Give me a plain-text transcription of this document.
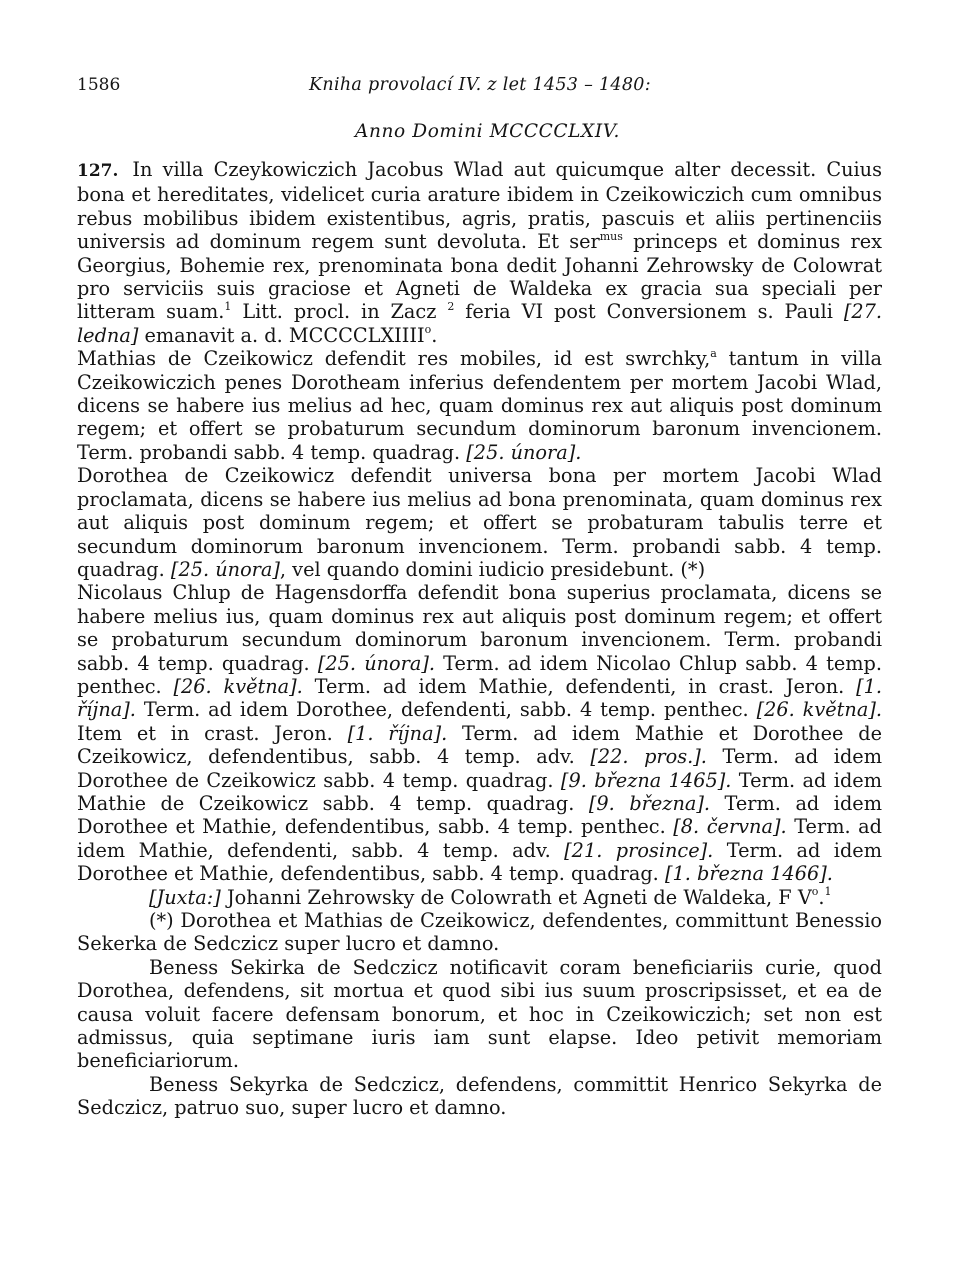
1586	Kniha provolací IV. z let 1453 – 1480:
Anno Domini MCCCCLXIV.

127. In villa Czeykowiczich Jacobus Wlad aut quicumque alter decessit. Cuius bona et hereditates, videlicet curia arature ibidem in Czeikowiczich cum omnibus rebus mobilibus ibidem existentibus, agris, pratis, pascuis et aliis pertinenciis universis ad dominum regem sunt devoluta. Et ser$^{mus}$ princeps et dominus rex Georgius, Bohemie rex, prenominata bona dedit Johanni Zehrowsky de Colowrat pro serviciis suis graciose et Agneti de Waldeka ex gracia sua speciali per litteram suam.$^1$ Litt. procl. in Zacz $^2$ feria VI post Conversionem s. Pauli [27. ledna] emanavit a. d. MCCCCLXIIII$^o$.

Mathias de Czeikowicz defendit res mobiles, id est swrchky,$^a$ tantum in villa Czeikowiczich penes Dorotheam inferius defendentem per mortem Jacobi Wlad, dicens se habere ius melius ad hec, quam dominus rex aut aliquis post dominum regem; et offert se probaturum secundum dominorum baronum invencionem. Term. probandi sabb. 4 temp. quadrag. [25. února].

Dorothea de Czeikowicz defendit universa bona per mortem Jacobi Wlad proclamata, dicens se habere ius melius ad bona prenominata, quam dominus rex aut aliquis post dominum regem; et offert se probaturam tabulis terre et secundum dominorum baronum invencionem. Term. probandi sabb. 4 temp. quadrag. [25. února], vel quando domini iudicio presidebunt. (*)

Nicolaus Chlup de Hagensdorffa defendit bona superius proclamata, dicens se habere melius ius, quam dominus rex aut aliquis post dominum regem; et offert se probaturum secundum dominorum baronum invencionem. Term. probandi sabb. 4 temp. quadrag. [25. února]. Term. ad idem Nicolao Chlup sabb. 4 temp. penthec. [26. května]. Term. ad idem Mathie, defendenti, in crast. Jeron. [1. října]. Term. ad idem Dorothee, defendenti, sabb. 4 temp. penthec. [26. května]. Item et in crast. Jeron. [1. října]. Term. ad idem Mathie et Dorothee de Czeikowicz, defendentibus, sabb. 4 temp. adv. [22. pros.]. Term. ad idem Dorothee de Czeikowicz sabb. 4 temp. quadrag. [9. března 1465]. Term. ad idem Mathie de Czeikowicz sabb. 4 temp. quadrag. [9. března]. Term. ad idem Dorothee et Mathie, defendentibus, sabb. 4 temp. penthec. [8. června]. Term. ad idem Mathie, defendenti, sabb. 4 temp. adv. [21. prosince]. Term. ad idem Dorothee et Mathie, defendentibus, sabb. 4 temp. quadrag. [1. března 1466].

[Juxta:] Johanni Zehrowsky de Colowrath et Agneti de Waldeka, F $V^o.^1$

(*) Dorothea et Mathias de Czeikowicz, defendentes, committunt Benessio Sekerka de Sedczicz super lucro et damno.

Beness Sekirka de Sedczicz notificavit coram beneficiariis curie, quod Dorothea, defendens, sit mortua et quod sibi ius suum proscripsisset, et ea de causa voluit facere defensam bonorum, et hoc in Czeikowiczich; set non est admissus, quia septimane iuris iam sunt elapse. Ideo petivit memoriam beneficiariorum.

Beness Sekyrka de Sedczicz, defendens, committit Henrico Sekyrka de Sedczicz, patruo suo, super lucro et damno.
